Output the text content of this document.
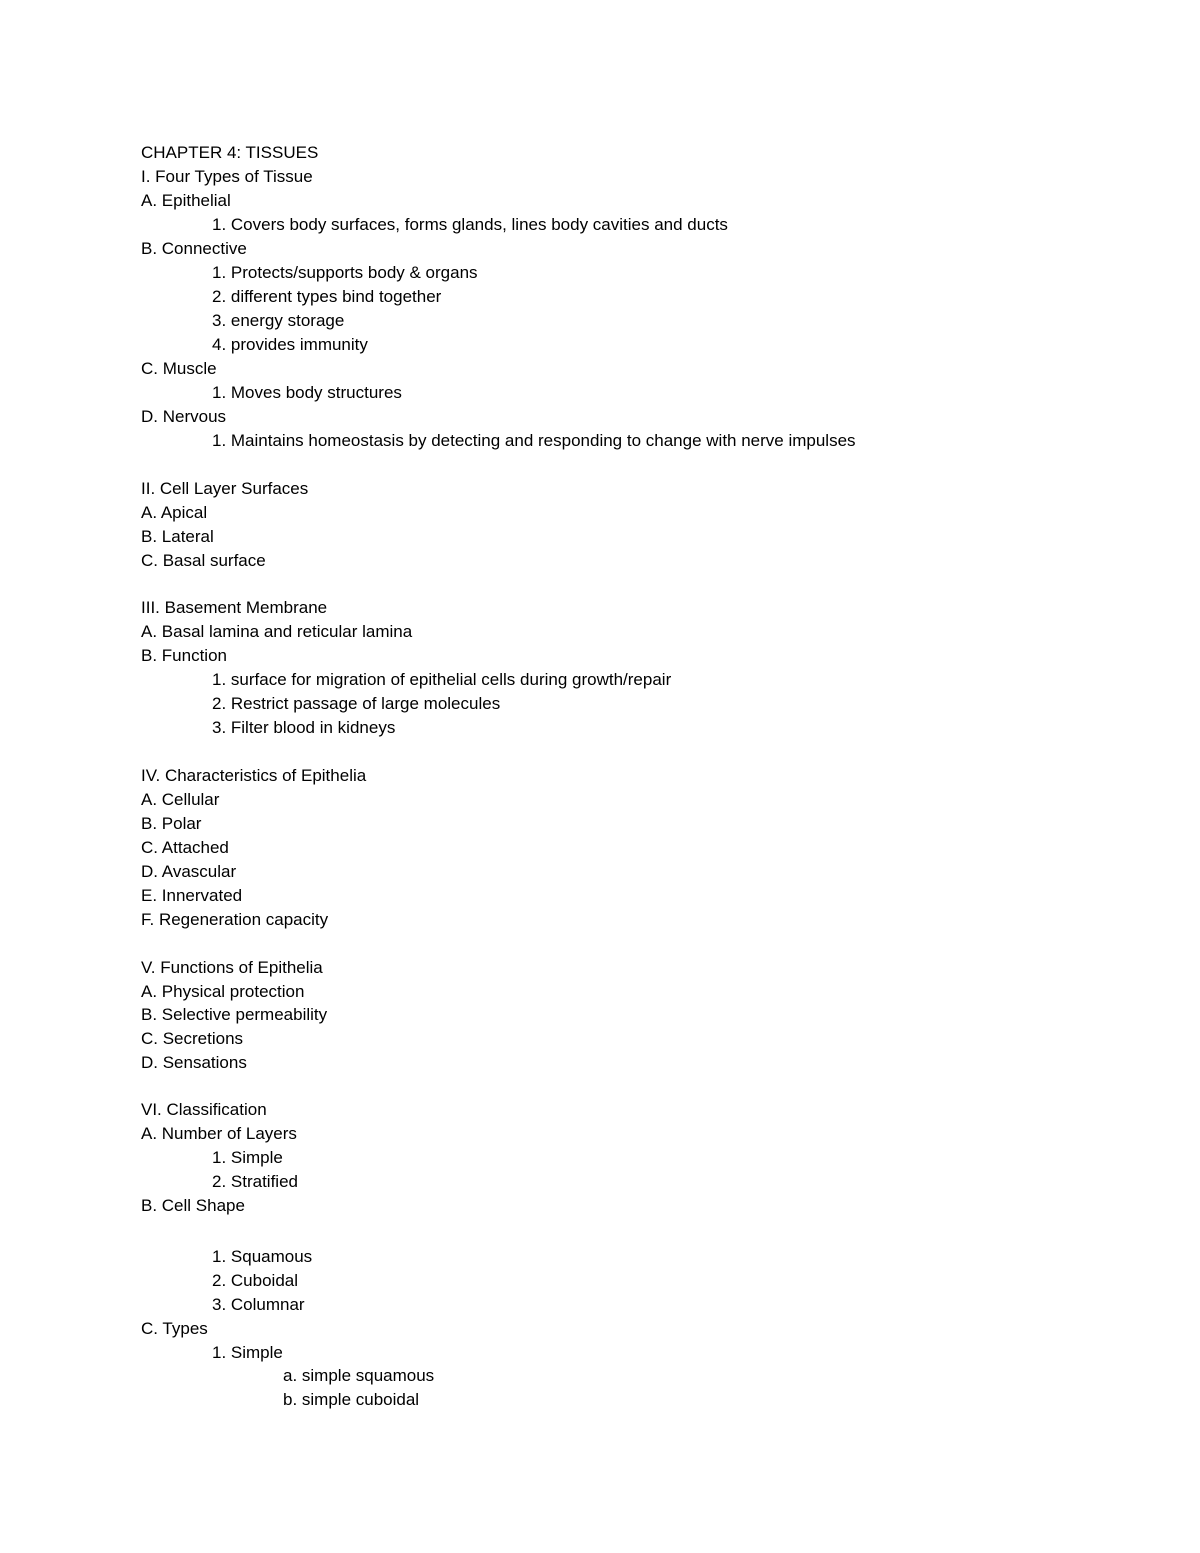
CHAPTER 4: TISSUES
I. Four Types of Tissue
A. Epithelial
1. Covers body surfaces, forms glands, lines body cavities and ducts
B. Connective
1. Protects/supports body & organs
2. different types bind together
3. energy storage
4. provides immunity
C. Muscle
1. Moves body structures
D. Nervous
1. Maintains homeostasis by detecting and responding to change with nerve impulses
II. Cell Layer Surfaces
A. Apical
B. Lateral
C. Basal surface
III. Basement Membrane
A. Basal lamina and reticular lamina
B. Function
1. surface for migration of epithelial cells during growth/repair
2. Restrict passage of large molecules
3. Filter blood in kidneys
IV. Characteristics of Epithelia
A. Cellular
B. Polar
C. Attached
D. Avascular
E. Innervated
F. Regeneration capacity
V. Functions of Epithelia
A. Physical protection
B. Selective permeability
C. Secretions
D. Sensations
VI. Classification
A. Number of Layers
1. Simple
2. Stratified
B. Cell Shape
1. Squamous
2. Cuboidal
3. Columnar
C. Types
1. Simple
a. simple squamous
b. simple cuboidal
